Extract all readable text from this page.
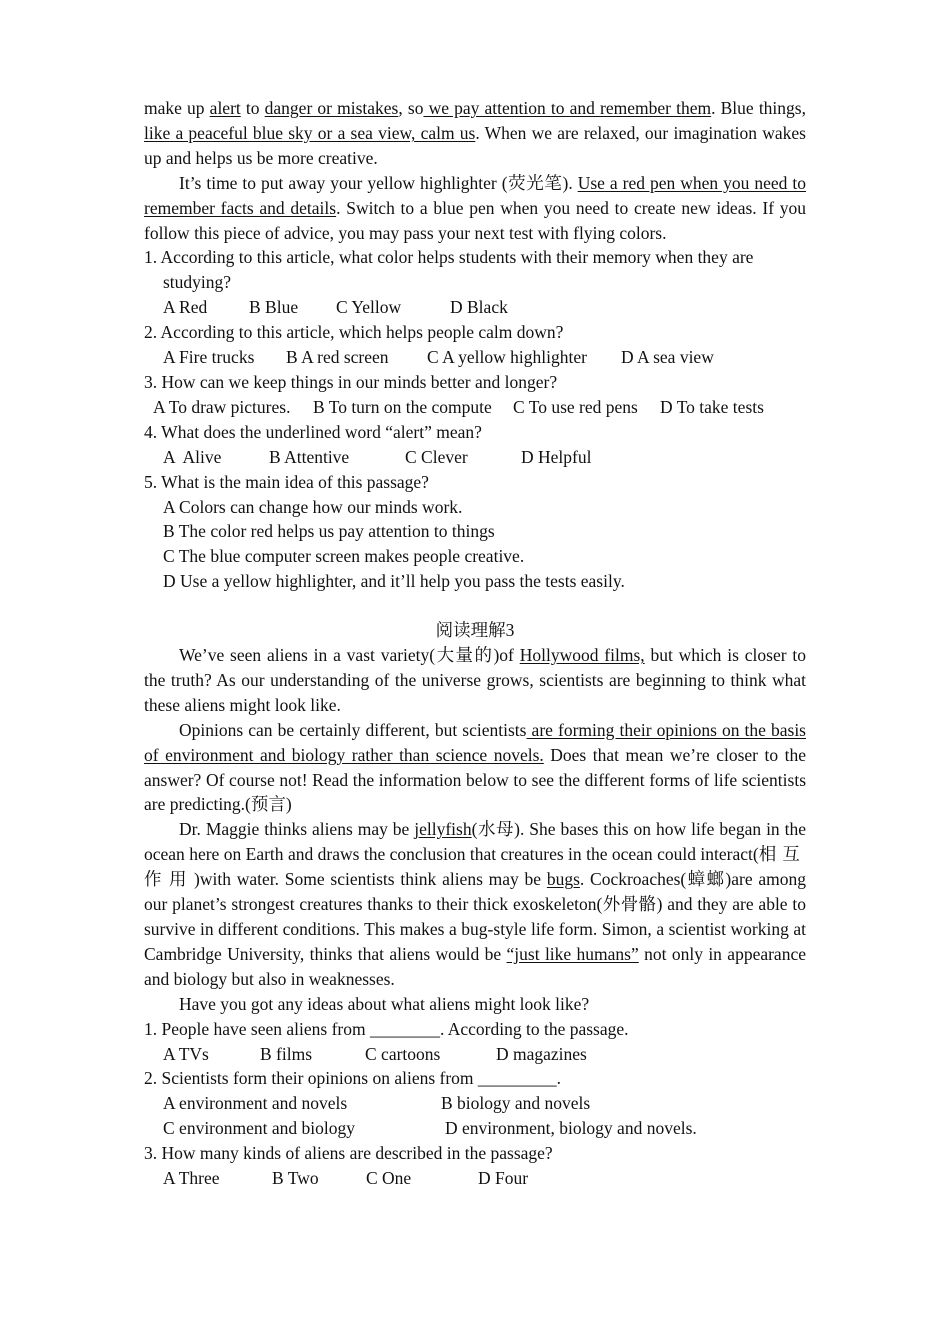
make up alert to danger or mistakes, so we pay attention to and remember them. Blue things, like a peaceful blue sky or a sea view, calm us. When we are relaxed, our imagination wakes up and helps us be more creative.

It’s time to put away your yellow highlighter (荧光笔). Use a red pen when you need to remember facts and details. Switch to a blue pen when you need to create new ideas. If you follow this piece of advice, you may pass your next test with flying colors.

1. According to this article, what color helps students with their memory when they are studying?

A Red B Blue C Yellow	D Black

2. According to this article, which helps people calm down?

A Fire trucks B A red screen C A yellow highlighter D A sea view

3. How can we keep things in our minds better and longer?

A To draw pictures. B To turn on the compute C To use red pens D To take tests

4. What does the underlined word “alert” mean?

A  Alive	B Attentive	C Clever	D Helpful

5. What is the main idea of this passage?

A Colors can change how our minds work.

B The color red helps us pay attention to things

C The blue computer screen makes people creative.

D Use a yellow highlighter, and it’ll help you pass the tests easily.

阅读理解3

We’ve seen aliens in a vast variety(大量的)of Hollywood films, but which is closer to the truth? As our understanding of the universe grows, scientists are beginning to think what these aliens might look like.

Opinions can be certainly different, but scientists are forming their opinions on the basis of environment and biology rather than science novels. Does that mean we’re closer to the answer? Of course not! Read the information below to see the different forms of life scientists are predicting.(预言)

Dr. Maggie thinks aliens may be jellyfish(水母). She bases this on how life began in the ocean here on Earth and draws the conclusion that creatures in the ocean could interact(相互作用)with water. Some scientists think aliens may be bugs. Cockroaches(蟑螂)are among our planet’s strongest creatures thanks to their thick exoskeleton(外骨骼) and they are able to survive in different conditions. This makes a bug-style life form. Simon, a scientist working at Cambridge University, thinks that aliens would be “just like humans” not only in appearance and biology but also in weaknesses.

Have you got any ideas about what aliens might look like?

1. People have seen aliens from ________. According to the passage.

A TVs	B films	C cartoons	D magazines

2. Scientists form their opinions on aliens from _________.

A environment and novels	B biology and novels

C environment and biology	D environment, biology and novels.

3. How many kinds of aliens are described in the passage?

A Three	B Two	C One	D Four
